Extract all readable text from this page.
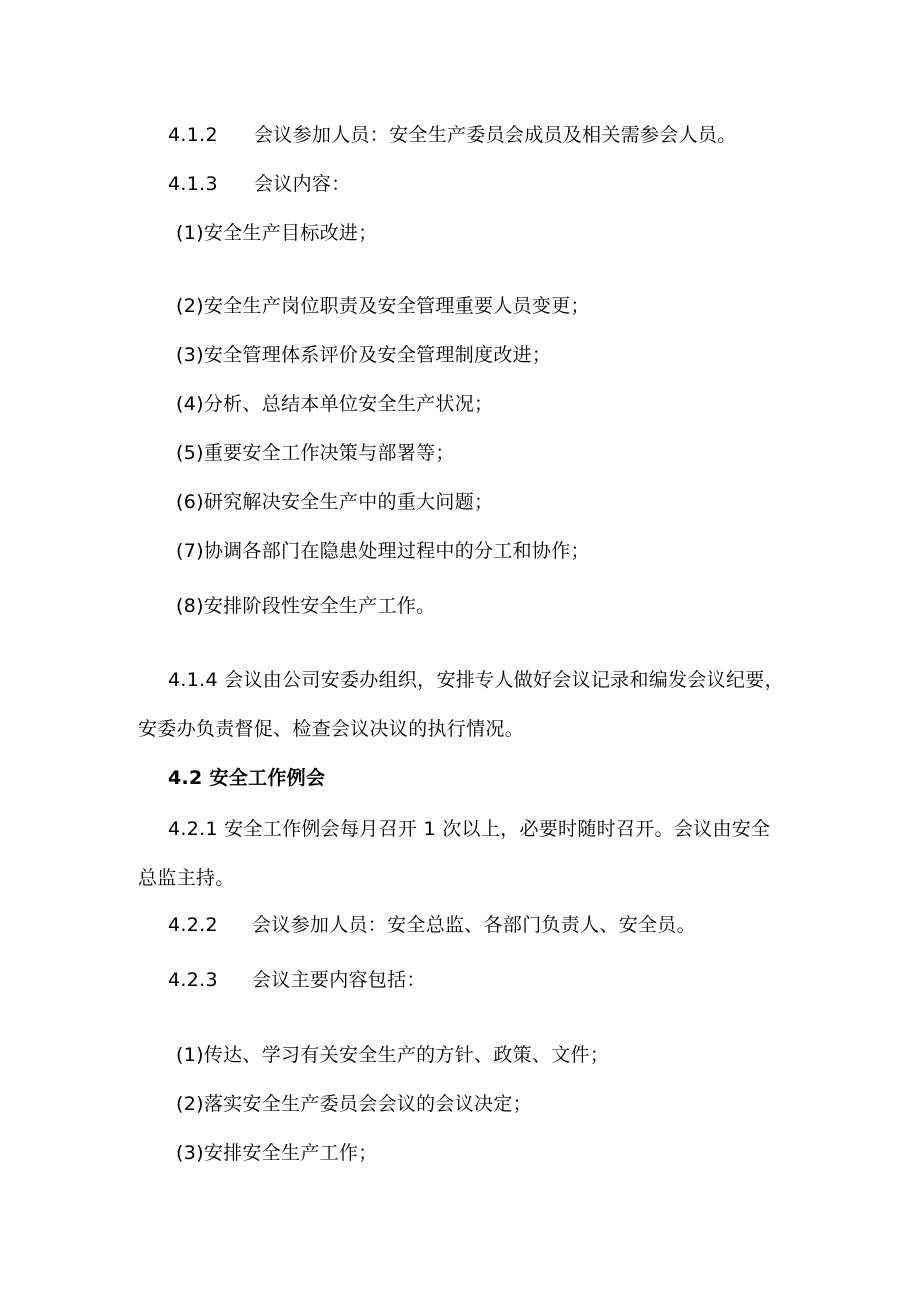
4.1.2 会议参加人员：安全生产委员会成员及相关需参会人员。
4.1.3 会议内容：
(1)安全生产目标改进；
(2)安全生产岗位职责及安全管理重要人员变更；
(3)安全管理体系评价及安全管理制度改进；
(4)分析、总结本单位安全生产状况；
(5)重要安全工作决策与部署等；
(6)研究解决安全生产中的重大问题；
(7)协调各部门在隐患处理过程中的分工和协作；
(8)安排阶段性安全生产工作。
4.1.4 会议由公司安委办组织，安排专人做好会议记录和编发会议纪要，
安委办负责督促、检查会议决议的执行情况。
4.2 安全工作例会
4.2.1 安全工作例会每月召开 1 次以上，必要时随时召开。会议由安全
总监主持。
4.2.2 会议参加人员：安全总监、各部门负责人、安全员。
4.2.3 会议主要内容包括：
(1)传达、学习有关安全生产的方针、政策、文件；
(2)落实安全生产委员会会议的会议决定；
(3)安排安全生产工作；
